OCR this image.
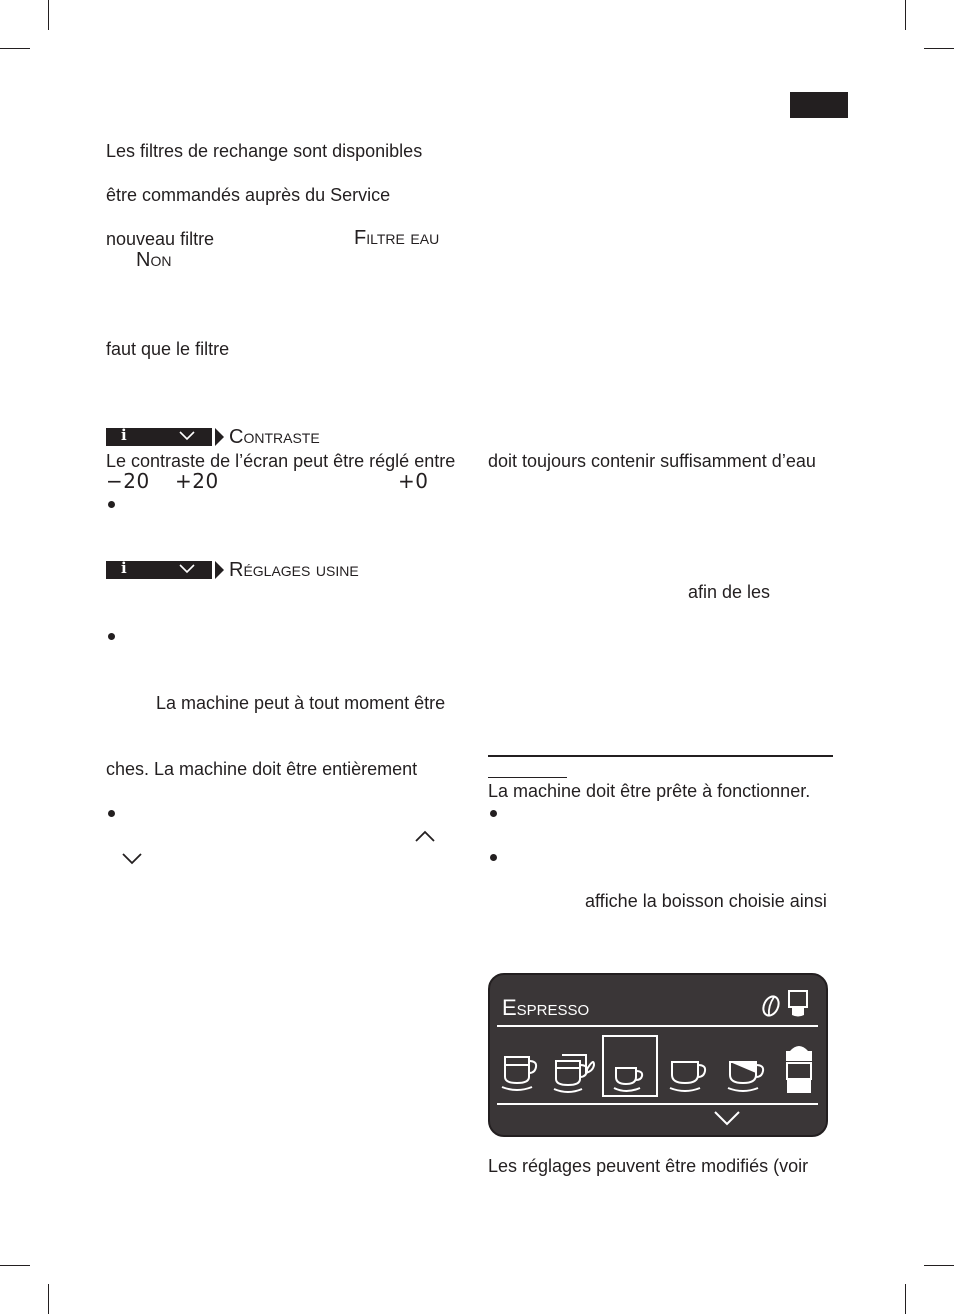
Les filtres de rechange sont disponibles
être commandés auprès du Service
nouveau filtre	Filtre eau
Non
faut que le filtre
i	Contraste
Le contraste de l’écran peut être réglé entre
−20 +20	+0
i	Réglages usine
La machine peut à tout moment être
ches. La machine doit être entièrement
doit toujours contenir suffisamment d’eau
afin de les
La machine doit être prête à fonctionner.
affiche la boisson choisie ainsi
Espresso
Les réglages peuvent être modifiés (voir
